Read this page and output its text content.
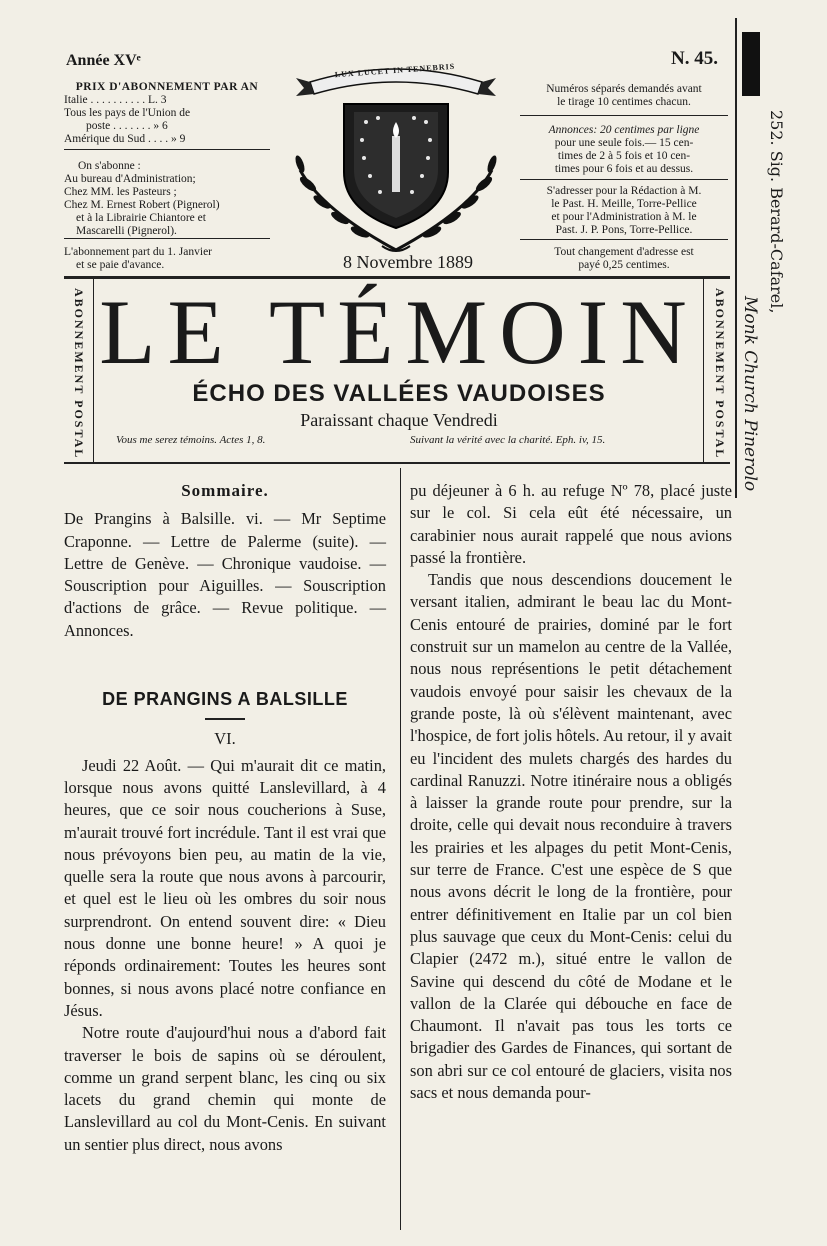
Année XVᵉ	N. 45.

PRIX D'ABONNEMENT PAR AN

Italie . . . . . . . . . . L. 3

Tous les pays de l'Union de

poste . . . . . . . » 6

Amérique du Sud . . . . » 9

On s'abonne :

Au bureau d'Administration;

Chez MM. les Pasteurs ;

Chez M. Ernest Robert (Pignerol)

et à la Librairie Chiantore et

Mascarelli (Pignerol).

L'abonnement part du 1. Janvier

et se paie d'avance.

LUX LUCET IN TENEBRIS
8 Novembre 1889

Numéros séparés demandés avant

le tirage 10 centimes chacun.

Annonces: 20 centimes par ligne

pour une seule fois.— 15 cen-

times de 2 à 5 fois et 10 cen-

times pour 6 fois et au dessus.

S'adresser pour la Rédaction à M.

le Past. H. Meille, Torre-Pellice

et pour l'Administration à M. le

Past. J. P. Pons, Torre-Pellice.

Tout changement d'adresse est

payé 0,25 centimes.

ABONNEMENT POSTAL	ABONNEMENT POSTAL
LE TÉMOIN
ÉCHO DES VALLÉES VAUDOISES
Paraissant chaque Vendredi
Vous me serez témoins. Actes 1, 8.	Suivant la vérité avec la charité. Eph. iv, 15.
252. Sig. Berard-Cafarel,
Monk Church Pinerolo
Sommaire.

De Prangins à Balsille. vi. — Mr Septime Craponne. — Lettre de Palerme (suite). — Lettre de Genève. — Chronique vaudoise. — Souscription pour Aiguilles. — Souscription d'actions de grâce. — Revue politique. — Annonces.

DE PRANGINS A BALSILLE
VI.

Jeudi 22 Août. — Qui m'aurait dit ce matin, lorsque nous avons quitté Lanslevillard, à 4 heures, que ce soir nous coucherions à Suse, m'aurait trouvé fort incrédule. Tant il est vrai que nous prévoyons bien peu, au matin de la vie, quelle sera la route que nous avons à parcourir, et quel est le lieu où les ombres du soir nous surprendront. On entend souvent dire: « Dieu nous donne une bonne heure! » A quoi je réponds ordinairement: Toutes les heures sont bonnes, si nous avons placé notre confiance en Jésus.

Notre route d'aujourd'hui nous a d'abord fait traverser le bois de sapins où se déroulent, comme un grand serpent blanc, les cinq ou six lacets du grand chemin qui monte de Lanslevillard au col du Mont-Cenis. En suivant un sentier plus direct, nous avons

pu déjeuner à 6 h. au refuge Nº 78, placé juste sur le col. Si cela eût été nécessaire, un carabinier nous aurait rappelé que nous avions passé la frontière.

Tandis que nous descendions doucement le versant italien, admirant le beau lac du Mont-Cenis entouré de prairies, dominé par le fort construit sur un mamelon au centre de la Vallée, nous nous représentions le petit détachement vaudois envoyé pour saisir les chevaux de la grande poste, là où s'élèvent maintenant, avec l'hospice, de fort jolis hôtels. Au retour, il y avait eu l'incident des mulets chargés des hardes du cardinal Ranuzzi. Notre itinéraire nous a obligés à laisser la grande route pour prendre, sur la droite, celle qui devait nous reconduire à travers les prairies et les alpages du petit Mont-Cenis, sur terre de France. C'est une espèce de S que nous avons décrit le long de la frontière, pour entrer définitivement en Italie par un col bien plus sauvage que ceux du Mont-Cenis: celui du Clapier (2472 m.), situé entre le vallon de Savine qui descend du côté de Modane et le vallon de la Clarée qui débouche en face de Chaumont. Il n'avait pas tous les torts ce brigadier des Gardes de Finances, qui sortant de son abri sur ce col entouré de glaciers, visita nos sacs et nous demanda pour-
